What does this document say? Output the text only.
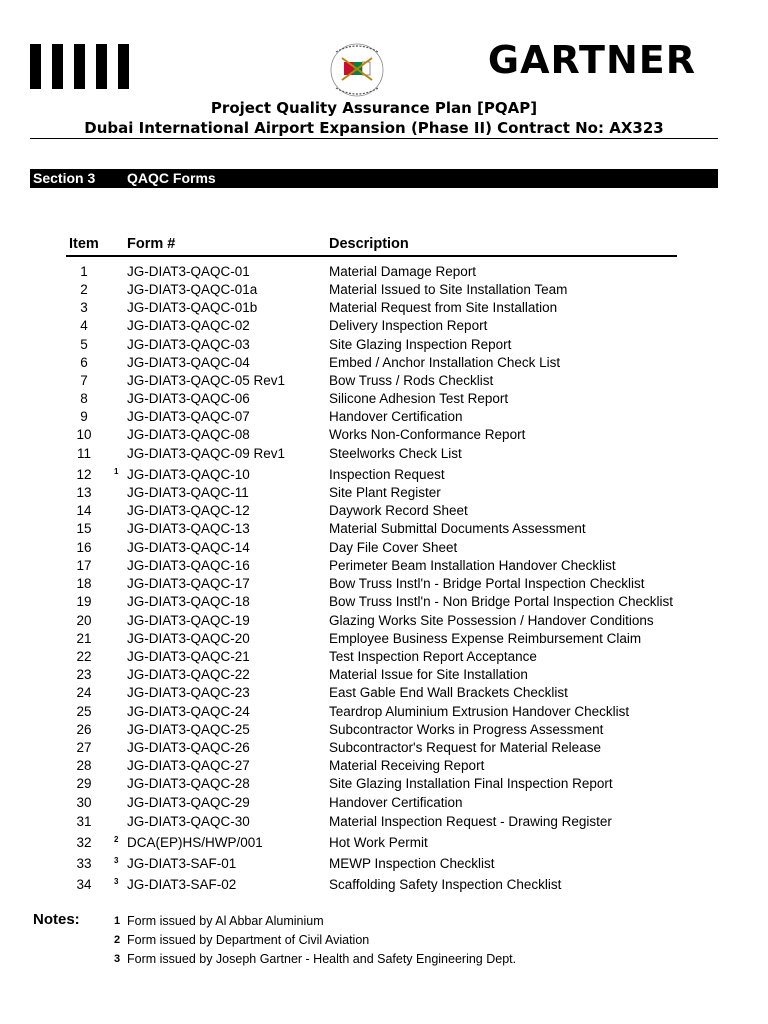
GARTNER
Project Quality Assurance Plan [PQAP]
Dubai International Airport Expansion (Phase II) Contract No: AX323
Section 3 QAQC Forms
Item Form #	Description
1	JG-DIAT3-QAQC-01	Material Damage Report
2	JG-DIAT3-QAQC-01a	Material Issued to Site Installation Team
3	JG-DIAT3-QAQC-01b	Material Request from Site Installation
4	JG-DIAT3-QAQC-02	Delivery Inspection Report
5	JG-DIAT3-QAQC-03	Site Glazing Inspection Report
6	JG-DIAT3-QAQC-04	Embed / Anchor Installation Check List
7	JG-DIAT3-QAQC-05 Rev1	Bow Truss / Rods Checklist
8	JG-DIAT3-QAQC-06	Silicone Adhesion Test Report
9	JG-DIAT3-QAQC-07	Handover Certification
10	JG-DIAT3-QAQC-08	Works Non-Conformance Report
11	JG-DIAT3-QAQC-09 Rev1	Steelworks Check List
12	1 JG-DIAT3-QAQC-10	Inspection Request
13	JG-DIAT3-QAQC-11	Site Plant Register
14	JG-DIAT3-QAQC-12	Daywork Record Sheet
15	JG-DIAT3-QAQC-13	Material Submittal Documents Assessment
16	JG-DIAT3-QAQC-14	Day File Cover Sheet
17	JG-DIAT3-QAQC-16	Perimeter Beam Installation Handover Checklist
18	JG-DIAT3-QAQC-17	Bow Truss Instl'n - Bridge Portal Inspection Checklist
19	JG-DIAT3-QAQC-18	Bow Truss Instl'n - Non Bridge Portal Inspection Checklist
20	JG-DIAT3-QAQC-19	Glazing Works Site Possession / Handover Conditions
21	JG-DIAT3-QAQC-20	Employee Business Expense Reimbursement Claim
22	JG-DIAT3-QAQC-21	Test Inspection Report Acceptance
23	JG-DIAT3-QAQC-22	Material Issue for Site Installation
24	JG-DIAT3-QAQC-23	East Gable End Wall Brackets Checklist
25	JG-DIAT3-QAQC-24	Teardrop Aluminium Extrusion Handover Checklist
26	JG-DIAT3-QAQC-25	Subcontractor Works in Progress Assessment
27	JG-DIAT3-QAQC-26	Subcontractor's Request for Material Release
28	JG-DIAT3-QAQC-27	Material Receiving Report
29	JG-DIAT3-QAQC-28	Site Glazing Installation Final Inspection Report
30	JG-DIAT3-QAQC-29	Handover Certification
31	JG-DIAT3-QAQC-30	Material Inspection Request - Drawing Register
32	2 DCA(EP)HS/HWP/001	Hot Work Permit
33	3 JG-DIAT3-SAF-01	MEWP Inspection Checklist
34	3 JG-DIAT3-SAF-02	Scaffolding Safety Inspection Checklist
Notes:	1 Form issued by Al Abbar Aluminium
2 Form issued by Department of Civil Aviation
3 Form issued by Joseph Gartner - Health and Safety Engineering Dept.
